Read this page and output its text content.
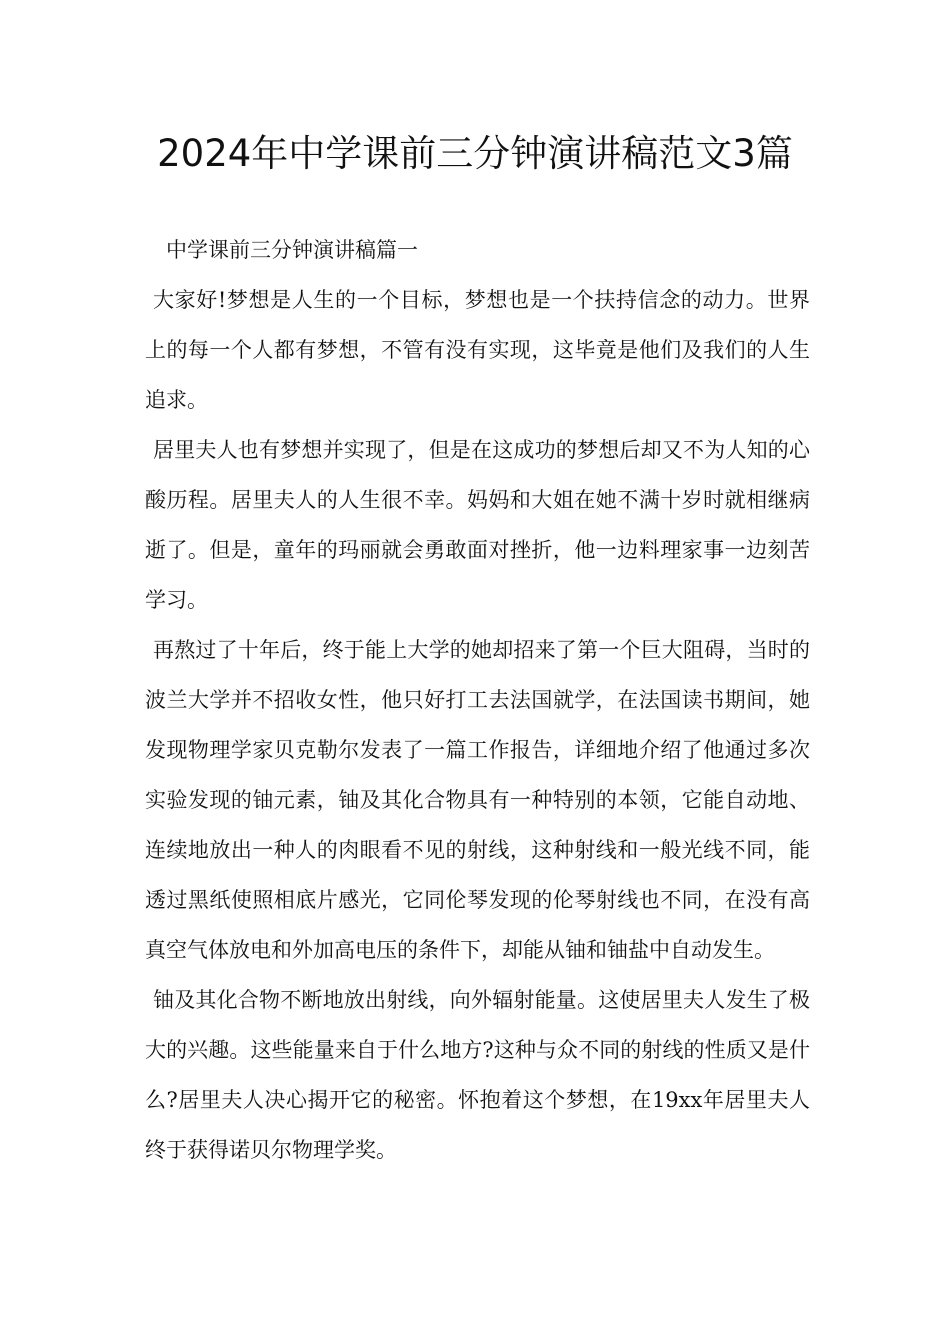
2024年中学课前三分钟演讲稿范文3篇

中学课前三分钟演讲稿篇一

大家好!梦想是人生的一个目标，梦想也是一个扶持信念的动力。世界上的每一个人都有梦想，不管有没有实现，这毕竟是他们及我们的人生追求。

居里夫人也有梦想并实现了，但是在这成功的梦想后却又不为人知的心酸历程。居里夫人的人生很不幸。妈妈和大姐在她不满十岁时就相继病逝了。但是，童年的玛丽就会勇敢面对挫折，他一边料理家事一边刻苦学习。

再熬过了十年后，终于能上大学的她却招来了第一个巨大阻碍，当时的波兰大学并不招收女性，他只好打工去法国就学，在法国读书期间，她发现物理学家贝克勒尔发表了一篇工作报告，详细地介绍了他通过多次实验发现的铀元素，铀及其化合物具有一种特别的本领，它能自动地、连续地放出一种人的肉眼看不见的射线，这种射线和一般光线不同，能透过黑纸使照相底片感光，它同伦琴发现的伦琴射线也不同，在没有高真空气体放电和外加高电压的条件下，却能从铀和铀盐中自动发生。

铀及其化合物不断地放出射线，向外辐射能量。这使居里夫人发生了极大的兴趣。这些能量来自于什么地方?这种与众不同的射线的性质又是什么?居里夫人决心揭开它的秘密。怀抱着这个梦想，在19xx年居里夫人终于获得诺贝尔物理学奖。
